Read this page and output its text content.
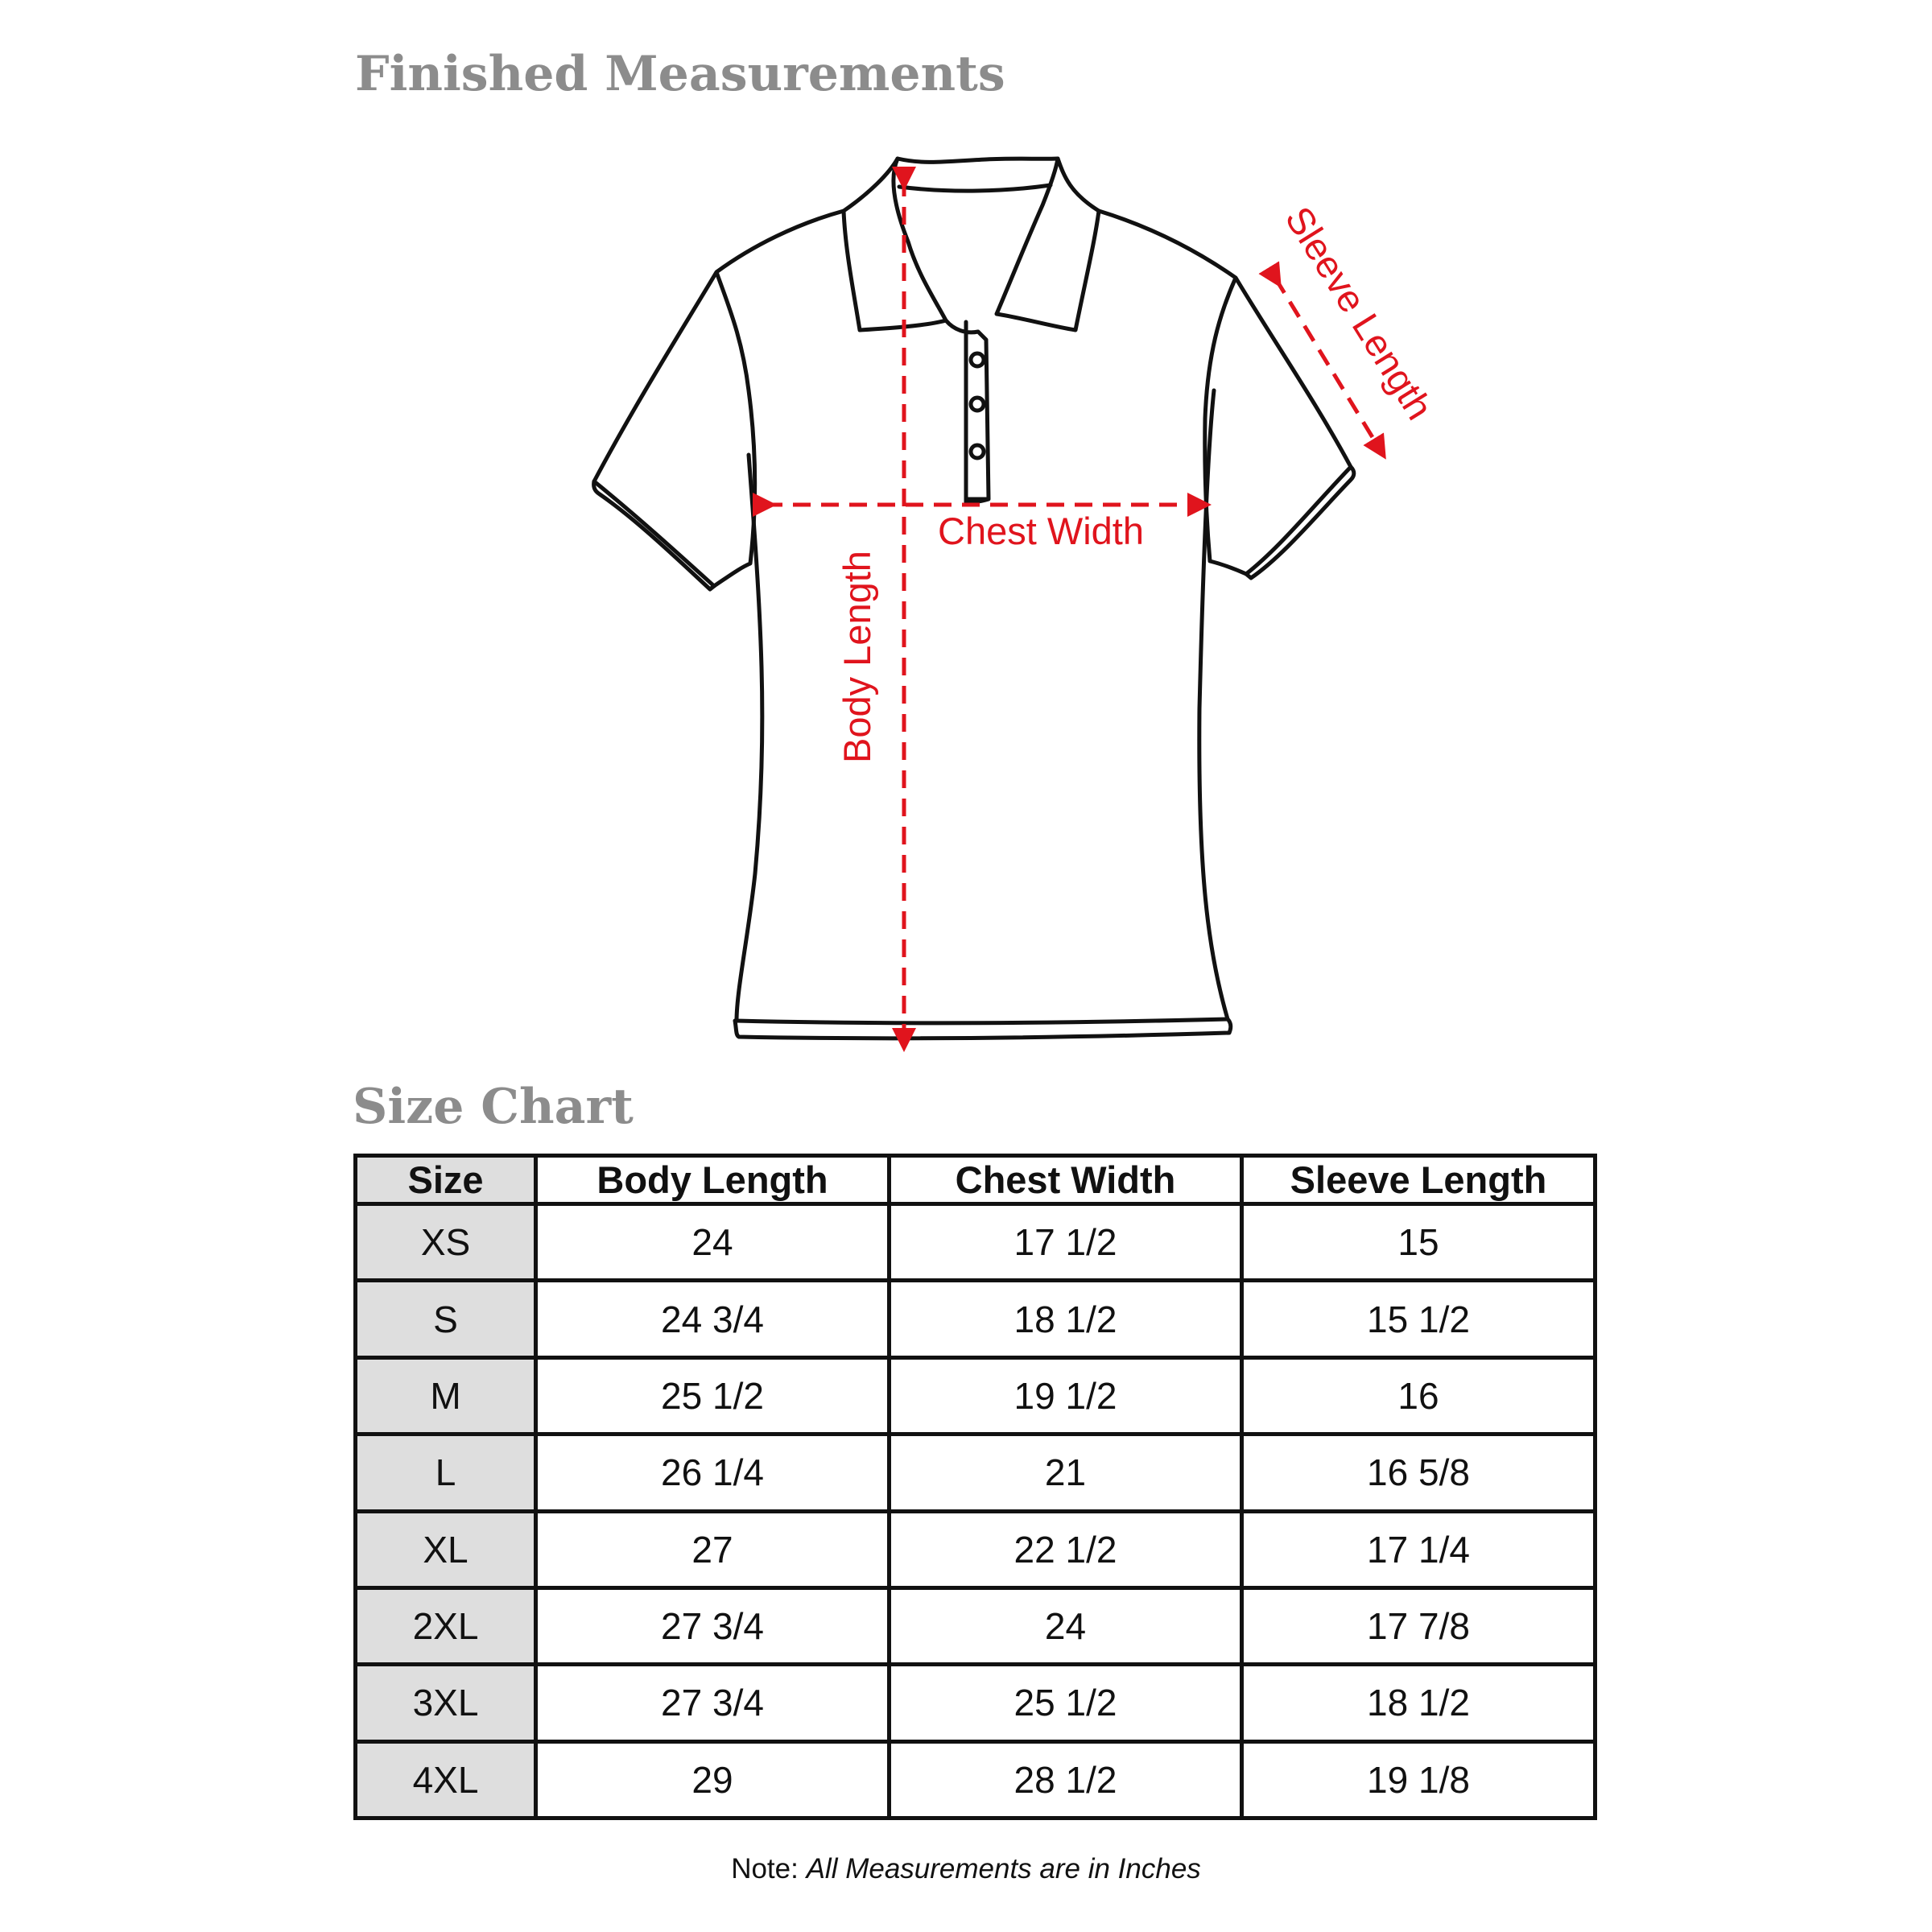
Finished Measurements
Chest Width
Body Length
Sleeve Length
Size Chart
Size	Body Length	Chest Width	Sleeve Length
XS	24	17 1/2	15
S	24 3/4	18 1/2	15 1/2
M	25 1/2	19 1/2	16
L	26 1/4	21	16 5/8
XL	27	22 1/2	17 1/4
2XL	27 3/4	24	17 7/8
3XL	27 3/4	25 1/2	18 1/2
4XL	29	28 1/2	19 1/8
Note: All Measurements are in Inches
